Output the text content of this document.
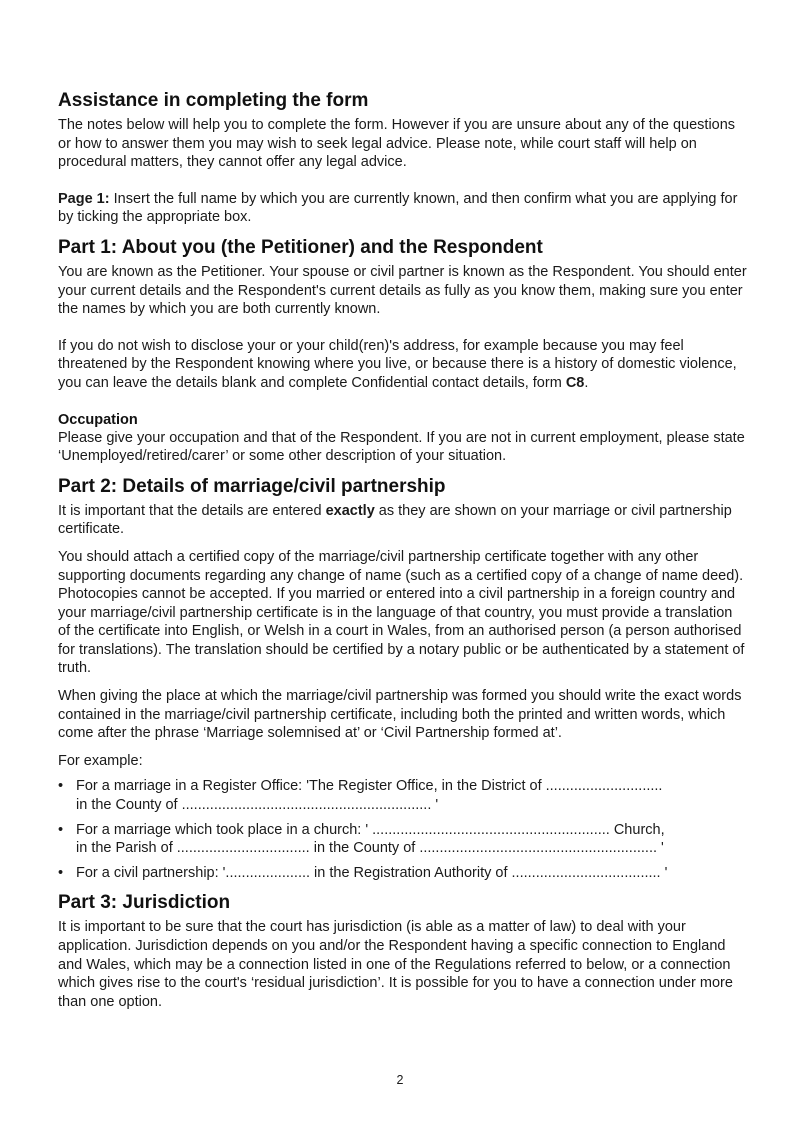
Assistance in completing the form

The notes below will help you to complete the form. However if you are unsure about any of the questions or how to answer them you may wish to seek legal advice. Please note, while court staff will help on procedural matters, they cannot offer any legal advice.

Page 1: Insert the full name by which you are currently known, and then confirm what you are applying for by ticking the appropriate box.

Part 1: About you (the Petitioner) and the Respondent

You are known as the Petitioner. Your spouse or civil partner is known as the Respondent. You should enter your current details and the Respondent's current details as fully as you know them, making sure you enter the names by which you are both currently known.

If you do not wish to disclose your or your child(ren)'s address, for example because you may feel threatened by the Respondent knowing where you live, or because there is a history of domestic violence, you can leave the details blank and complete Confidential contact details, form C8.

Occupation

Please give your occupation and that of the Respondent. If you are not in current employment, please state ‘Unemployed/retired/carer’ or some other description of your situation.

Part 2: Details of marriage/civil partnership

It is important that the details are entered exactly as they are shown on your marriage or civil partnership certificate.

You should attach a certified copy of the marriage/civil partnership certificate together with any other supporting documents regarding any change of name (such as a certified copy of a change of name deed). Photocopies cannot be accepted. If you married or entered into a civil partnership in a foreign country and your marriage/civil partnership certificate is in the language of that country, you must provide a translation of the certificate into English, or Welsh in a court in Wales, from an authorised person (a person authorised for translations). The translation should be certified by a notary public or be authenticated by a statement of truth.

When giving the place at which the marriage/civil partnership was formed you should write the exact words contained in the marriage/civil partnership certificate, including both the printed and written words, which come after the phrase ‘Marriage solemnised at’ or ‘Civil Partnership formed at’.

For example:

• For a marriage in a Register Office: 'The Register Office, in the District of .............................
in the County of .............................................................. '
• For a marriage which took place in a church: ' ........................................................... Church,
in the Parish of ................................. in the County of ........................................................... '
• For a civil partnership: '..................... in the Registration Authority of ..................................... '
Part 3: Jurisdiction

It is important to be sure that the court has jurisdiction (is able as a matter of law) to deal with your application. Jurisdiction depends on you and/or the Respondent having a specific connection to England and Wales, which may be a connection listed in one of the Regulations referred to below, or a connection which gives rise to the court's ‘residual jurisdiction’. It is possible for you to have a connection under more than one option.

2
